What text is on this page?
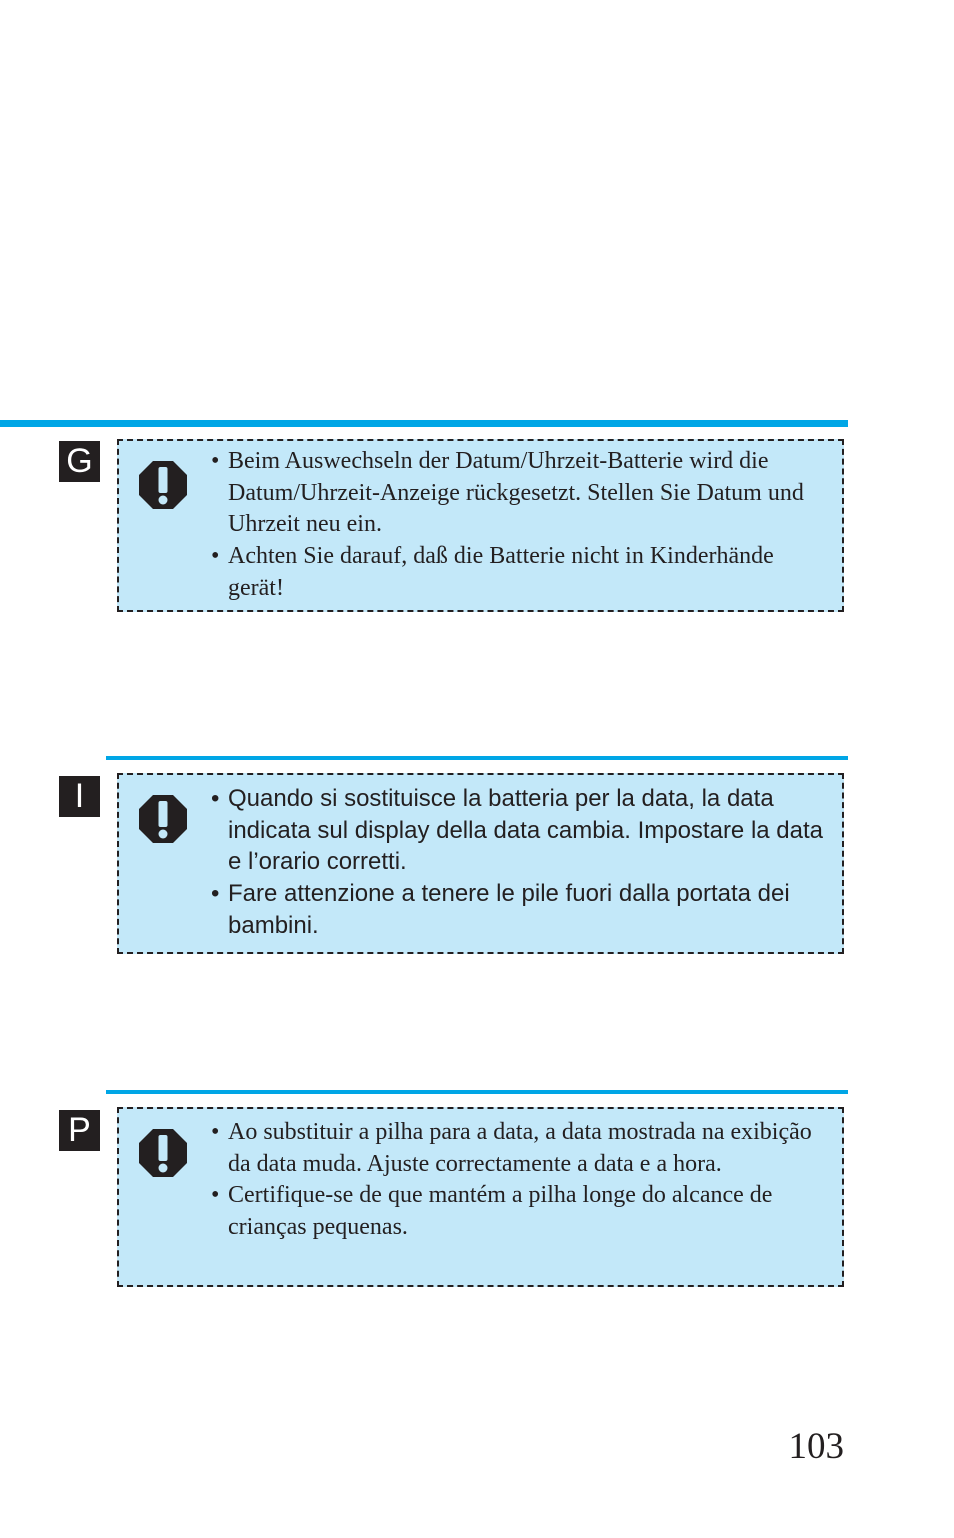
G	• Beim Auswechseln der Datum/Uhrzeit-Batterie wird die Datum/Uhrzeit-Anzeige rückgesetzt. Stellen Sie Datum und Uhrzeit neu ein.
• Achten Sie darauf, daß die Batterie nicht in Kinderhände gerät!
I	• Quando si sostituisce la batteria per la data, la data indicata sul display della data cambia. Impostare la data e l’orario corretti.
• Fare attenzione a tenere le pile fuori dalla portata dei bambini.
P	• Ao substituir a pilha para a data, a data mostrada na exibição da data muda. Ajuste correctamente a data e a hora.
• Certifique-se de que mantém a pilha longe do alcance de crianças pequenas.
103
